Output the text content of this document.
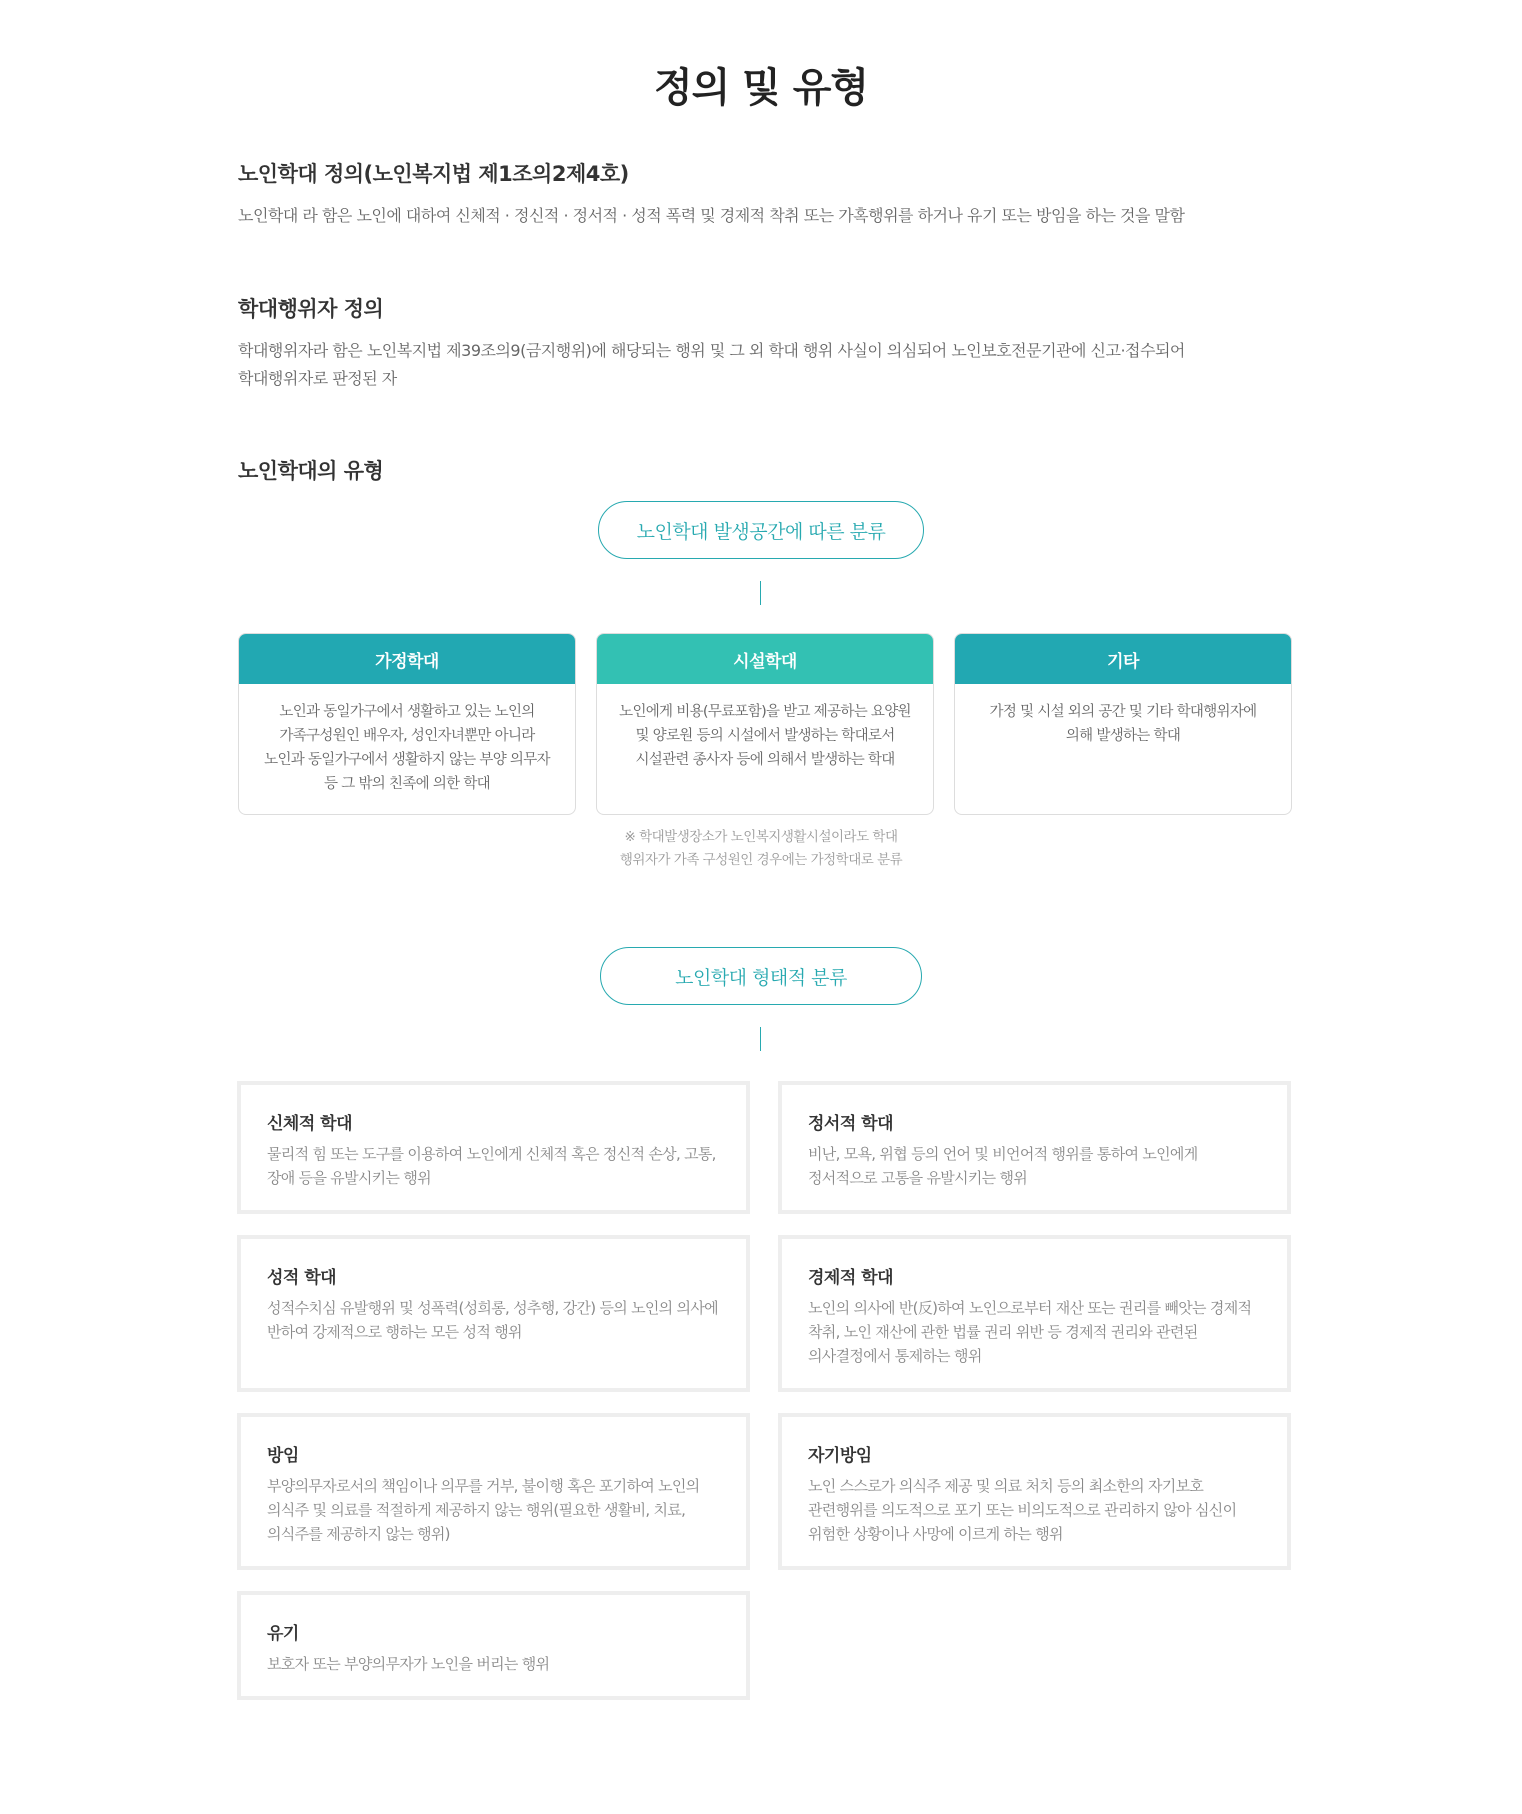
정의 및 유형
노인학대 정의(노인복지법 제1조의2제4호)

노인학대 라 함은 노인에 대하여 신체적 · 정신적 · 정서적 · 성적 폭력 및 경제적 착취 또는 가혹행위를 하거나 유기 또는 방임을 하는 것을 말함

학대행위자 정의

학대행위자라 함은 노인복지법 제39조의9(금지행위)에 해당되는 행위 및 그 외 학대 행위 사실이 의심되어 노인보호전문기관에 신고·접수되어

학대행위자로 판정된 자

노인학대의 유형
노인학대 발생공간에 따른 분류
가정학대
노인과 동일가구에서 생활하고 있는 노인의
가족구성원인 배우자, 성인자녀뿐만 아니라
노인과 동일가구에서 생활하지 않는 부양 의무자
등 그 밖의 친족에 의한 학대
시설학대
노인에게 비용(무료포함)을 받고 제공하는 요양원
및 양로원 등의 시설에서 발생하는 학대로서
시설관련 종사자 등에 의해서 발생하는 학대
기타
가정 및 시설 외의 공간 및 기타 학대행위자에
의해 발생하는 학대
※ 학대발생장소가 노인복지생활시설이라도 학대
행위자가 가족 구성원인 경우에는 가정학대로 분류
노인학대 형태적 분류

신체적 학대

물리적 힘 또는 도구를 이용하여 노인에게 신체적 혹은 정신적 손상, 고통,
장애 등을 유발시키는 행위

정서적 학대

비난, 모욕, 위협 등의 언어 및 비언어적 행위를 통하여 노인에게
정서적으로 고통을 유발시키는 행위

성적 학대

성적수치심 유발행위 및 성폭력(성희롱, 성추행, 강간) 등의 노인의 의사에
반하여 강제적으로 행하는 모든 성적 행위

경제적 학대

노인의 의사에 반(反)하여 노인으로부터 재산 또는 권리를 빼앗는 경제적
착취, 노인 재산에 관한 법률 권리 위반 등 경제적 권리와 관련된
의사결정에서 통제하는 행위

방임

부양의무자로서의 책임이나 의무를 거부, 불이행 혹은 포기하여 노인의
의식주 및 의료를 적절하게 제공하지 않는 행위(필요한 생활비, 치료,
의식주를 제공하지 않는 행위)

자기방임

노인 스스로가 의식주 제공 및 의료 처치 등의 최소한의 자기보호
관련행위를 의도적으로 포기 또는 비의도적으로 관리하지 않아 심신이
위험한 상황이나 사망에 이르게 하는 행위

유기

보호자 또는 부양의무자가 노인을 버리는 행위
